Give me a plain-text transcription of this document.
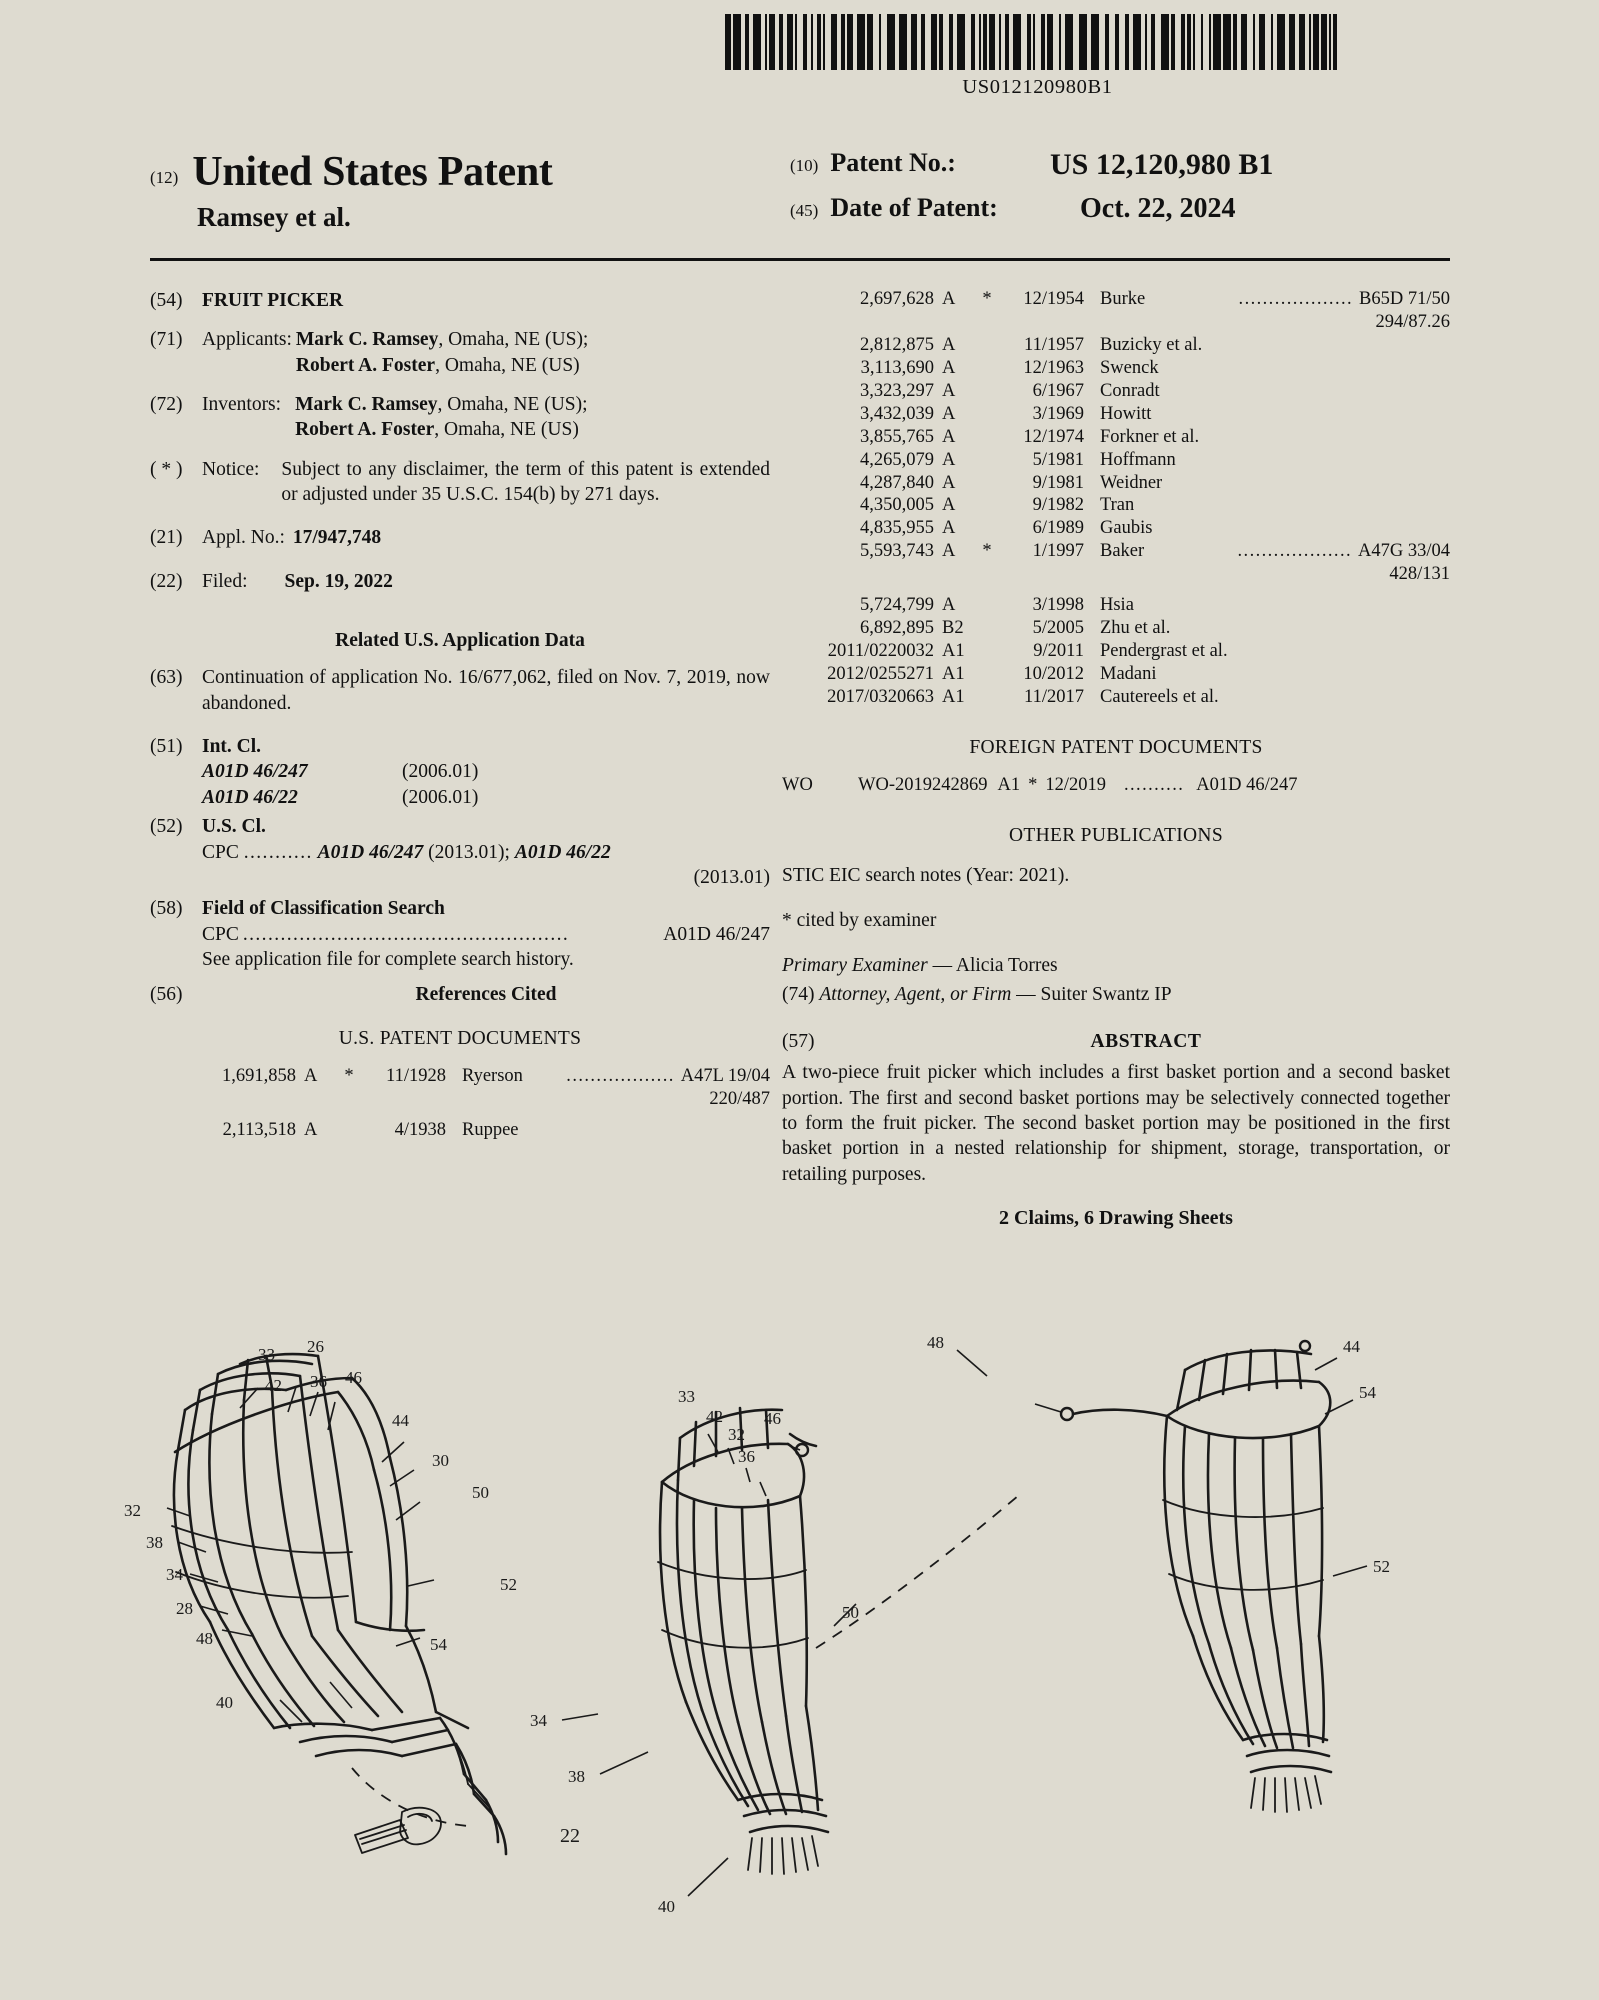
US012120980B1
(12) United States Patent
Ramsey et al.
(10) Patent No.:	US 12,120,980 B1
(45) Date of Patent:	Oct. 22, 2024
(54)	FRUIT PICKER
(71)	Applicants: Mark C. Ramsey, Omaha, NE (US);
Robert A. Foster, Omaha, NE (US)
(72)	Inventors: Mark C. Ramsey, Omaha, NE (US);
Robert A. Foster, Omaha, NE (US)
( * )	Notice: Subject to any disclaimer, the term of this patent is extended or adjusted under 35 U.S.C. 154(b) by 271 days.
(21)	Appl. No.: 17/947,748
(22)	Filed: Sep. 19, 2022
Related U.S. Application Data
(63)	Continuation of application No. 16/677,062, filed on Nov. 7, 2019, now abandoned.
(51)	Int. Cl.
A01D 46/247	(2006.01)
A01D 46/22	(2006.01)
(52)	U.S. Cl.
CPC ........... A01D 46/247 (2013.01); A01D 46/22
(2013.01)
(58)	Field of Classification Search
CPC ....................................................	A01D 46/247
See application file for complete search history.
(56)	References Cited
U.S. PATENT DOCUMENTS
1,691,858 A	*	11/1928 Ryerson	.................. A47L 19/04
220/487
2,113,518 A	4/1938 Ruppee
2,697,628 A	*	12/1954 Burke	................... B65D 71/50
294/87.26
2,812,875 A	11/1957 Buzicky et al.
3,113,690 A	12/1963 Swenck
3,323,297 A	6/1967 Conradt
3,432,039 A	3/1969 Howitt
3,855,765 A	12/1974 Forkner et al.
4,265,079 A	5/1981 Hoffmann
4,287,840 A	9/1981 Weidner
4,350,005 A	9/1982 Tran
4,835,955 A	6/1989 Gaubis
5,593,743 A	*	1/1997 Baker	................... A47G 33/04
428/131
5,724,799 A	3/1998 Hsia
6,892,895 B2	5/2005 Zhu et al.
2011/0220032 A1	9/2011 Pendergrast et al.
2012/0255271 A1	10/2012 Madani
2017/0320663 A1	11/2017 Cautereels et al.
FOREIGN PATENT DOCUMENTS
WO	WO-2019242869 A1 * 12/2019 .......... A01D 46/247
OTHER PUBLICATIONS
STIC EIC search notes (Year: 2021).
* cited by examiner
Primary Examiner — Alicia Torres
(74) Attorney, Agent, or Firm — Suiter Swantz IP
(57)	ABSTRACT
A two-piece fruit picker which includes a first basket portion and a second basket portion. The first and second basket portions may be selectively connected together to form the fruit picker. The second basket portion may be positioned in the first basket portion in a nested relationship for shipment, storage, transportation, or retailing purposes.
2 Claims, 6 Drawing Sheets
33 26
42 36 46
44
30
50
32
38
34
28
48
52
54
40
22
33
42
32
36
46
34
38
40
50
48	44
54
52
